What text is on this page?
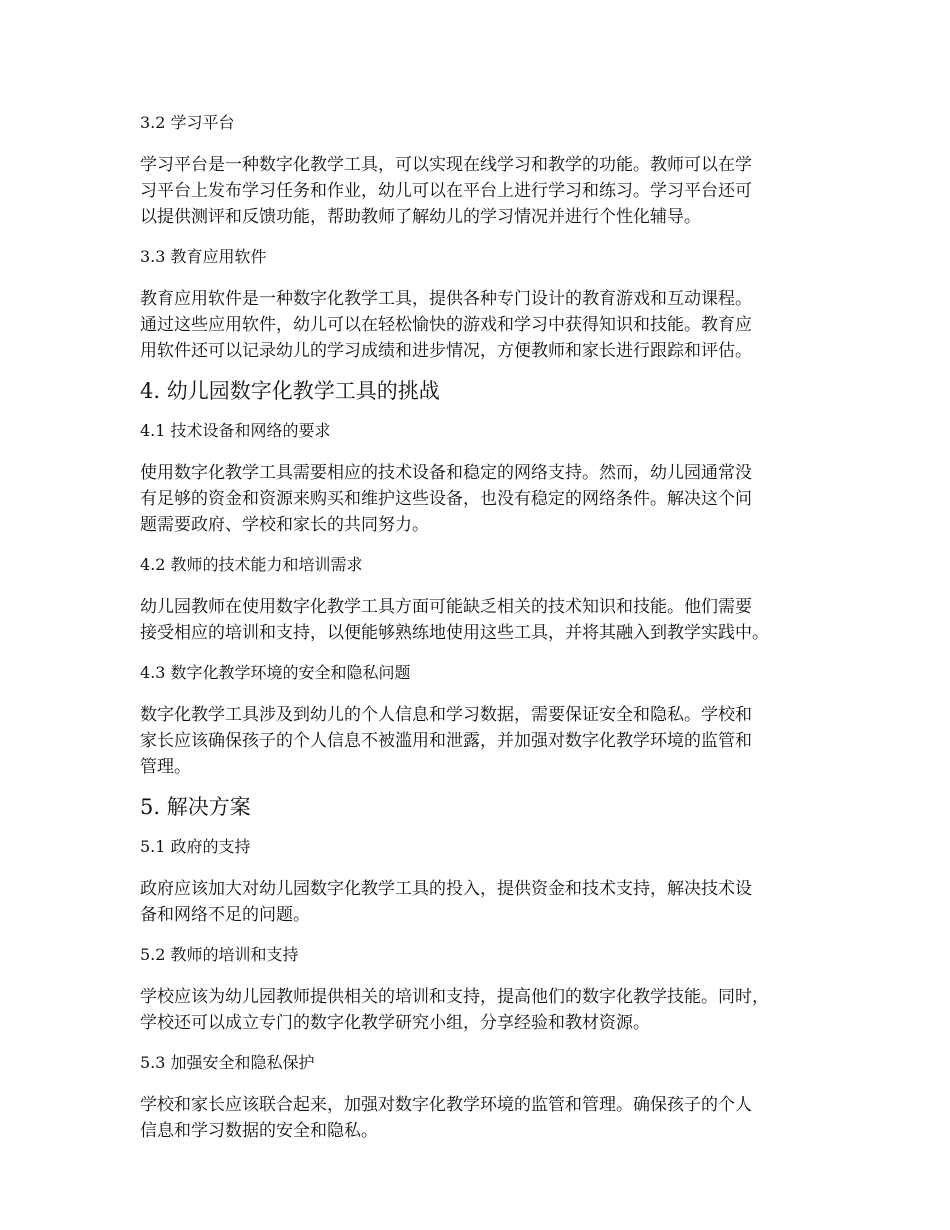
3.2 学习平台
学习平台是一种数字化教学工具，可以实现在线学习和教学的功能。教师可以在学
习平台上发布学习任务和作业，幼儿可以在平台上进行学习和练习。学习平台还可
以提供测评和反馈功能，帮助教师了解幼儿的学习情况并进行个性化辅导。
3.3 教育应用软件
教育应用软件是一种数字化教学工具，提供各种专门设计的教育游戏和互动课程。
通过这些应用软件，幼儿可以在轻松愉快的游戏和学习中获得知识和技能。教育应
用软件还可以记录幼儿的学习成绩和进步情况，方便教师和家长进行跟踪和评估。
4. 幼儿园数字化教学工具的挑战
4.1 技术设备和网络的要求
使用数字化教学工具需要相应的技术设备和稳定的网络支持。然而，幼儿园通常没
有足够的资金和资源来购买和维护这些设备，也没有稳定的网络条件。解决这个问
题需要政府、学校和家长的共同努力。
4.2 教师的技术能力和培训需求
幼儿园教师在使用数字化教学工具方面可能缺乏相关的技术知识和技能。他们需要
接受相应的培训和支持，以便能够熟练地使用这些工具，并将其融入到教学实践中。
4.3 数字化教学环境的安全和隐私问题
数字化教学工具涉及到幼儿的个人信息和学习数据，需要保证安全和隐私。学校和
家长应该确保孩子的个人信息不被滥用和泄露，并加强对数字化教学环境的监管和
管理。
5. 解决方案
5.1 政府的支持
政府应该加大对幼儿园数字化教学工具的投入，提供资金和技术支持，解决技术设
备和网络不足的问题。
5.2 教师的培训和支持
学校应该为幼儿园教师提供相关的培训和支持，提高他们的数字化教学技能。同时，
学校还可以成立专门的数字化教学研究小组，分享经验和教材资源。
5.3 加强安全和隐私保护
学校和家长应该联合起来，加强对数字化教学环境的监管和管理。确保孩子的个人
信息和学习数据的安全和隐私。
